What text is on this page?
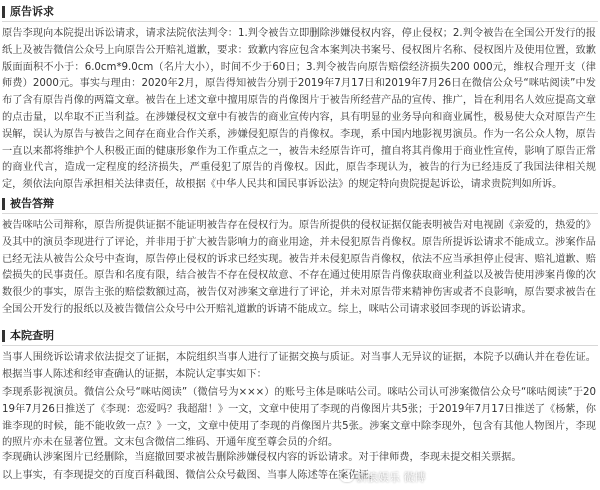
原告诉求
原告李现向本院提出诉讼请求，请求法院依法判令：1.判令被告立即删除涉嫌侵权内容，停止侵权；2.判令被告在全国公开发行的报纸上及被告微信公众号上向原告公开赔礼道歉，要求：致歉内容应包含本案判决书案号、侵权图片名称、侵权图片及使用位置，致歉版面面积不小于：6.0cm*9.0cm（名片大小），时间不少于60日；3.判令被告向原告赔偿经济损失200 000元，维权合理开支（律师费）2000元。事实与理由：2020年2月，原告得知被告分别于2019年7月17日和2019年7月26日在微信公众号“咪咕阅读”中发布了含有原告肖像的两篇文章。被告在上述文章中擅用原告的肖像图片于被告所经营产品的宣传、推广，旨在利用名人效应提高文章的点击量，以牟取不正当利益。在涉嫌侵权文章中有被告的商业宣传内容，具有明显的业务导向和商业属性，极易使大众对原告产生误解，误认为原告与被告之间存在商业合作关系，涉嫌侵犯原告的肖像权。李现，系中国内地影视男演员。作为一名公众人物，原告一直以来都将维护个人积极正面的健康形象作为工作重点之一，被告未经原告许可，擅自将其肖像用于商业性宣传，影响了原告正常的商业代言，造成一定程度的经济损失，严重侵犯了原告的肖像权。因此，原告李现认为，被告的行为已经违反了我国法律相关规定，须依法向原告承担相关法律责任，故根据《中华人民共和国民事诉讼法》的规定特向贵院提起诉讼，请求贵院判如所诉。
被告答辩
被告咪咕公司辩称，原告所提供证据不能证明被告存在侵权行为。原告所提供的侵权证据仅能表明被告对电视剧《亲爱的，热爱的》及其中的演员李现进行了评论，并非用于扩大被告影响力的商业用途，并未侵犯原告肖像权。原告所提诉讼请求不能成立。涉案作品已经无法从被告公众号中查询，原告停止侵权的诉求已经实现。被告并未侵犯原告肖像权，依法不应当承担停止侵害、赔礼道歉、赔偿损失的民事责任。原告和名度有限，结合被告不存在侵权故意、不存在通过使用原告肖像获取商业利益以及被告使用涉案肖像的次数很少的事实，原告主张的赔偿数额过高，被告仅对涉案文章进行了评论，并未对原告带来精神伤害或者不良影响，原告要求被告在全国公开发行的报纸以及被告微信公众号中公开赔礼道歉的诉请不能成立。综上，咪咕公司请求驳回李现的诉讼请求。
本院查明
当事人围绕诉讼请求依法提交了证据，本院组织当事人进行了证据交换与质证。对当事人无异议的证据，本院予以确认并在卷佐证。根据当事人陈述和经审查确认的证据，本院认定事实如下：
李现系影视演员。微信公众号“咪咕阅读”（微信号为×××）的账号主体是咪咕公司。咪咕公司认可涉案微信公众号“咪咕阅读”于2019年7月26日推送了《李现：恋爱吗？我超甜！》一文，文章中使用了李现的肖像图片共5张；于2019年7月17日推送了《杨紫，你谁李现的时候，能不能收敛一点？》一文，文章中使用了李现的肖像图片共5张。涉案文章中除李现外，包含有其他人物图片，李现的照片亦未在显著位置。文末包含微信二维码、开通年度至尊会员的介绍。
李现确认涉案图片已经删除，当庭撤回要求被告删除涉嫌侵权内容的诉讼请求。对于律师费，李现未提交相关票据。
以上事实，有李现提交的百度百科截图、微信公众号截图、当事人陈述等在案佐证。
新浪娱乐 微博
